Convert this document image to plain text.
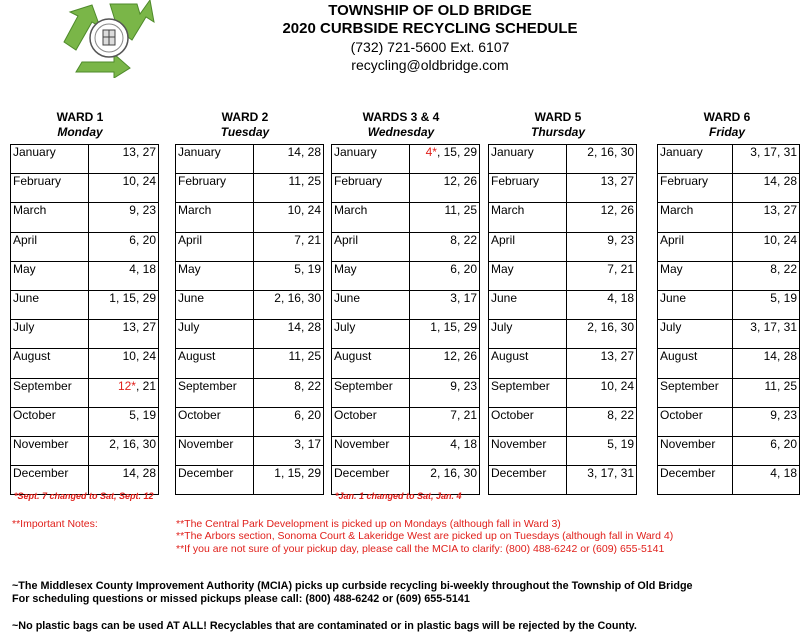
TOWNSHIP OF OLD BRIDGE
2020 CURBSIDE RECYCLING SCHEDULE
(732) 721-5600 Ext. 6107
recycling@oldbridge.com
WARD 1
Monday
January	13, 27
February	10, 24
March	9, 23
April	6, 20
May	4, 18
June	1, 15, 29
July	13, 27
August	10, 24
September	12*, 21
October	5, 19
November	2, 16, 30
December	14, 28
*Sept. 7 changed to Sat, Sept. 12
WARD 2
Tuesday
January	14, 28
February	11, 25
March	10, 24
April	7, 21
May	5, 19
June	2, 16, 30
July	14, 28
August	11, 25
September	8, 22
October	6, 20
November	3, 17
December	1, 15, 29
WARDS 3 & 4
Wednesday
January	4*, 15, 29
February	12, 26
March	11, 25
April	8, 22
May	6, 20
June	3, 17
July	1, 15, 29
August	12, 26
September	9, 23
October	7, 21
November	4, 18
December	2, 16, 30
*Jan. 1 changed to Sat, Jan. 4
WARD 5
Thursday
January	2, 16, 30
February	13, 27
March	12, 26
April	9, 23
May	7, 21
June	4, 18
July	2, 16, 30
August	13, 27
September	10, 24
October	8, 22
November	5, 19
December	3, 17, 31
WARD 6
Friday
January	3, 17, 31
February	14, 28
March	13, 27
April	10, 24
May	8, 22
June	5, 19
July	3, 17, 31
August	14, 28
September	11, 25
October	9, 23
November	6, 20
December	4, 18
**Important Notes:	**The Central Park Development is picked up on Mondays (although fall in Ward 3)
**The Arbors section, Sonoma Court & Lakeridge West are picked up on Tuesdays (although fall in Ward 4)
**If you are not sure of your pickup day, please call the MCIA to clarify: (800) 488-6242 or (609) 655-5141
~The Middlesex County Improvement Authority (MCIA) picks up curbside recycling bi-weekly throughout the Township of Old Bridge
For scheduling questions or missed pickups please call: (800) 488-6242 or (609) 655-5141
~No plastic bags can be used AT ALL! Recyclables that are contaminated or in plastic bags will be rejected by the County.
